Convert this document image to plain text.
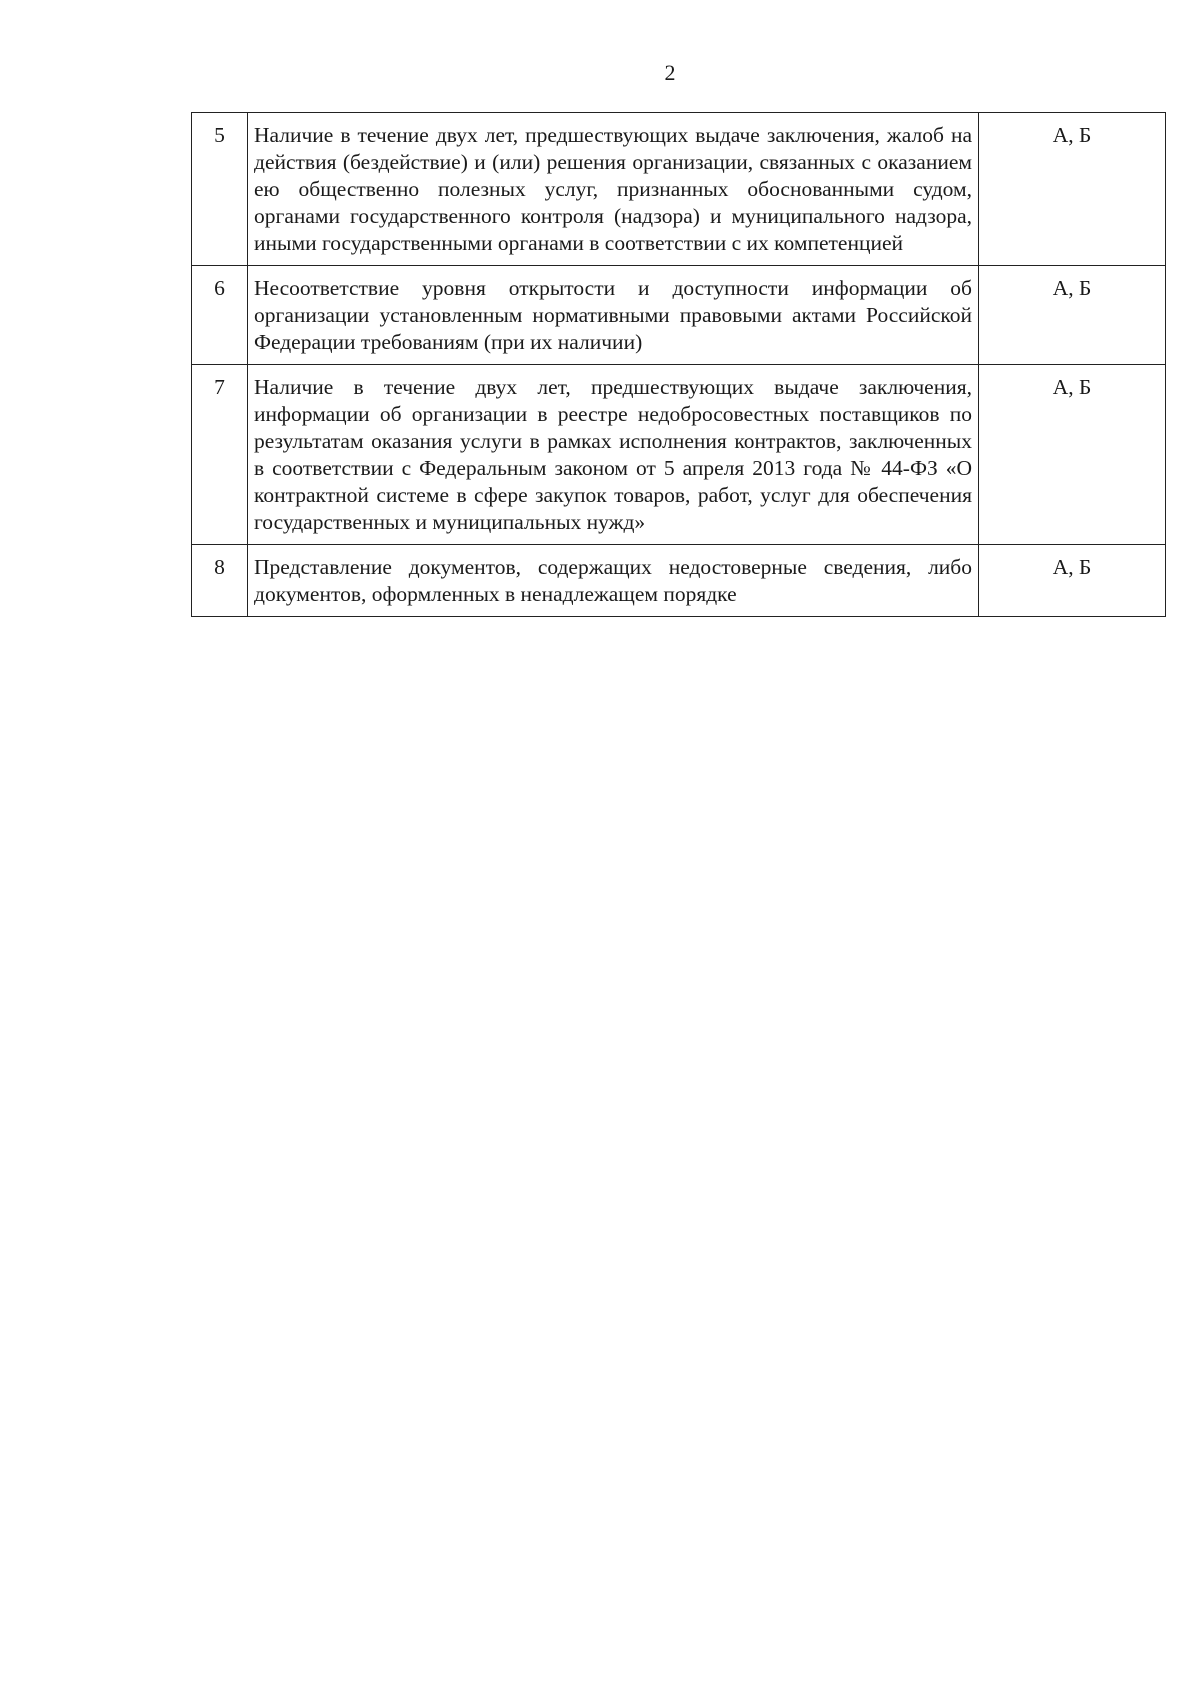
2
5	Наличие в течение двух лет, предшествующих выдаче заключения, жалоб на действия (бездействие) и (или) решения организации, связанных с оказанием ею общественно полезных услуг, признанных обоснованными судом, органами государственного контроля (надзора) и муниципального надзора, иными государственными органами в соответствии с их компетенцией	А, Б
6	Несоответствие уровня открытости и доступности информации об организации установленным нормативными правовыми актами Российской Федерации требованиям (при их наличии)	А, Б
7	Наличие в течение двух лет, предшествующих выдаче заключения, информации об организации в реестре недобросовестных поставщиков по результатам оказания услуги в рамках исполнения контрактов, заключенных в соответствии с Федеральным законом от 5 апреля 2013 года № 44-ФЗ «О контрактной системе в сфере закупок товаров, работ, услуг для обеспечения государственных и муниципальных нужд»	А, Б
8	Представление документов, содержащих недостоверные сведения, либо документов, оформленных в ненадлежащем порядке	А, Б
